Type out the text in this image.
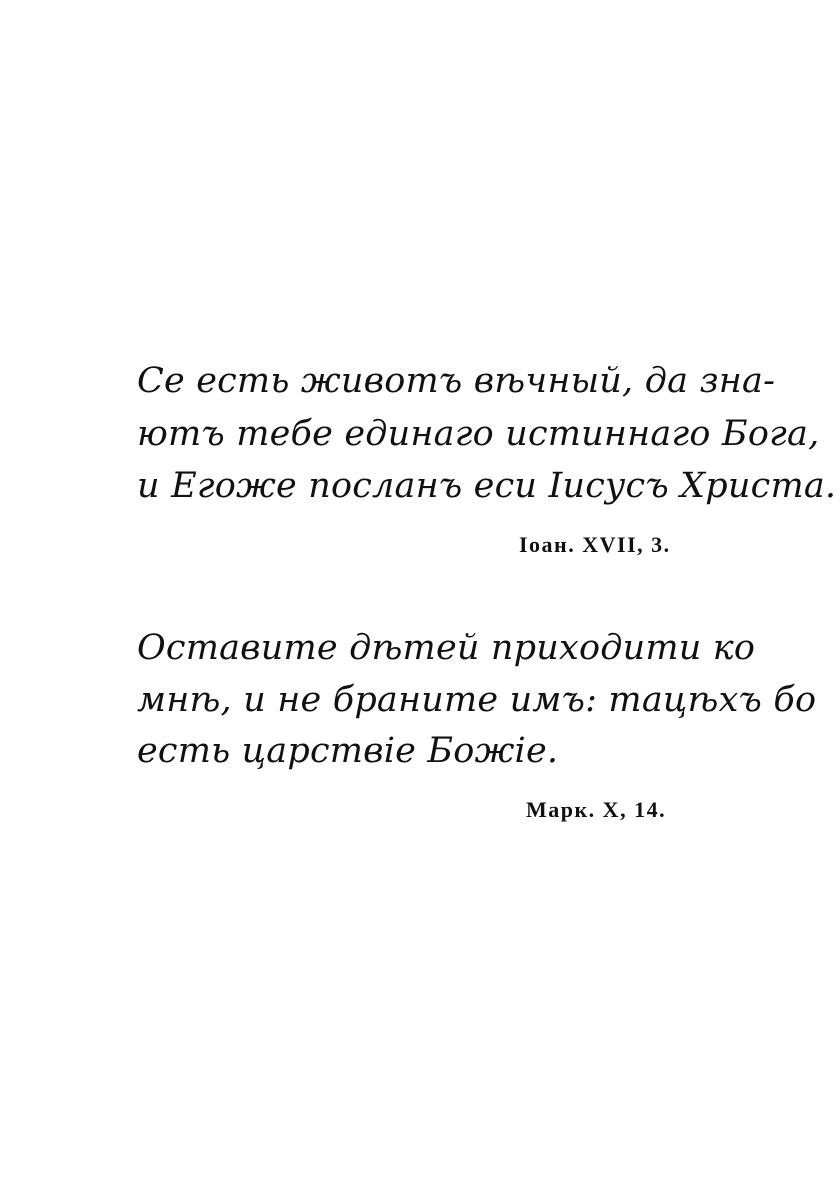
Се есть животъ вѣчный, да зна-
ютъ тебе единаго истиннаго Бога,
и Егоже посланъ еси Іисусъ Христа.
Іоан. XVII, 3.
Оставите дѣтей приходити ко
мнѣ, и не браните имъ: тацѣхъ бо
есть царствіе Божіе.
Марк. X, 14.
